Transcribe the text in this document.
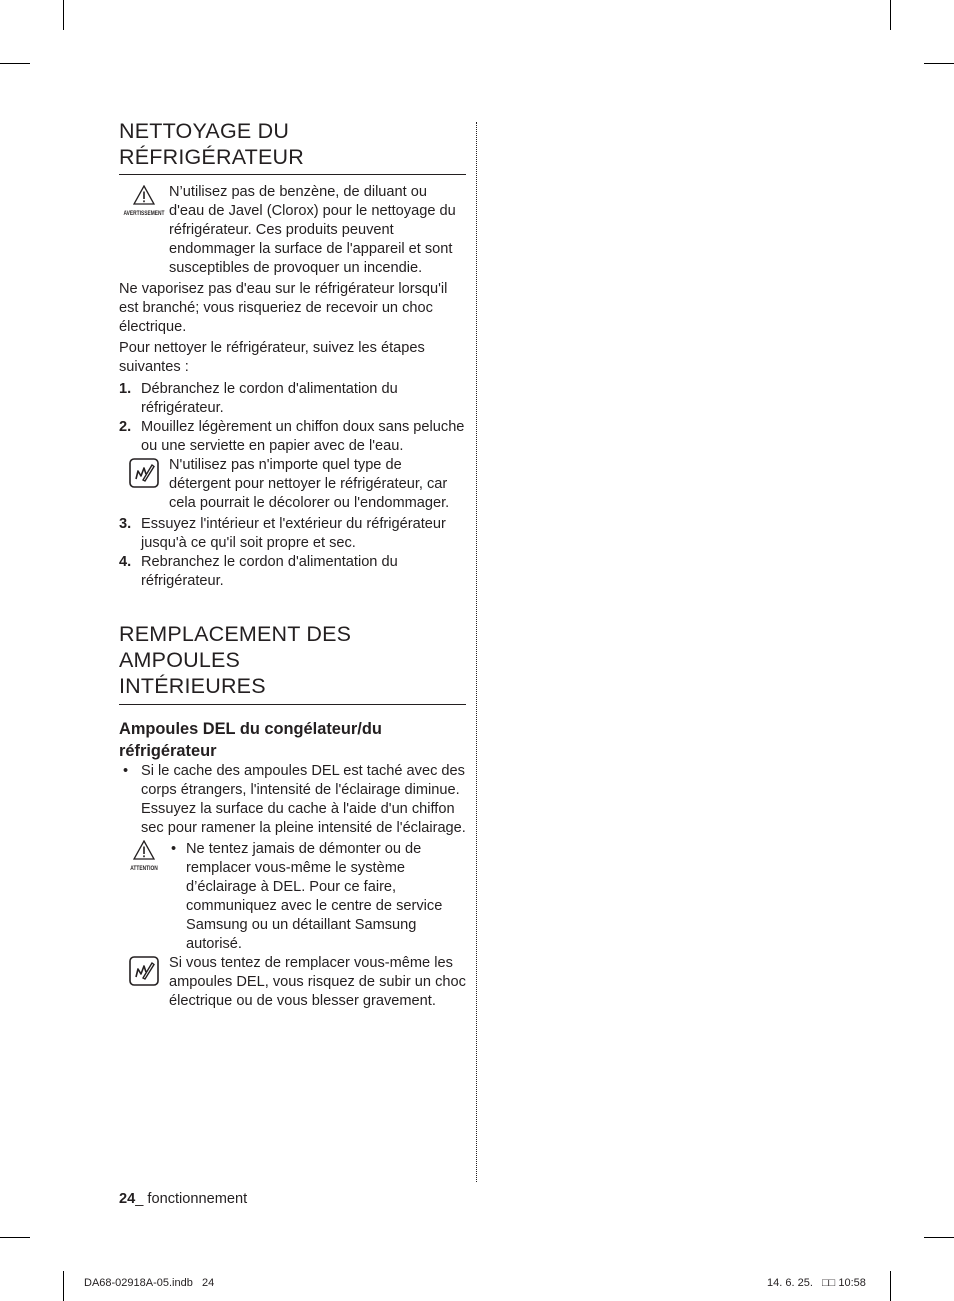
NETTOYAGE DU
RÉFRIGÉRATEUR
AVERTISSEMENT

N’utilisez pas de benzène, de diluant ou d'eau de Javel (Clorox) pour le nettoyage du réfrigérateur. Ces produits peuvent endommager la surface de l'appareil et sont susceptibles de provoquer un incendie.

Ne vaporisez pas d'eau sur le réfrigérateur lorsqu'il est branché; vous risqueriez de recevoir un choc électrique.

Pour nettoyer le réfrigérateur, suivez les étapes suivantes :

1. Débranchez le cordon d'alimentation du réfrigérateur.
2. Mouillez légèrement un chiffon doux sans peluche ou une serviette en papier avec de l'eau.

N'utilisez pas n'importe quel type de détergent pour nettoyer le réfrigérateur, car cela pourrait le décolorer ou l'endommager.

3. Essuyez l'intérieur et l'extérieur du réfrigérateur jusqu'à ce qu'il soit propre et sec.
4. Rebranchez le cordon d'alimentation du réfrigérateur.
REMPLACEMENT DES AMPOULES
INTÉRIEURES
Ampoules DEL du congélateur/du réfrigérateur
• Si le cache des ampoules DEL est taché avec des corps étrangers, l'intensité de l'éclairage diminue. Essuyez la surface du cache à l'aide d'un chiffon sec pour ramener la pleine intensité de l'éclairage.
ATTENTION
• Ne tentez jamais de démonter ou de remplacer vous-même le système d’éclairage à DEL. Pour ce faire, communiquez avec le centre de service Samsung ou un détaillant Samsung autorisé.

Si vous tentez de remplacer vous-même les ampoules DEL, vous risquez de subir un choc électrique ou de vous blesser gravement.

24_ fonctionnement
DA68-02918A-05.indb   24	14. 6. 25.   □□ 10:58
